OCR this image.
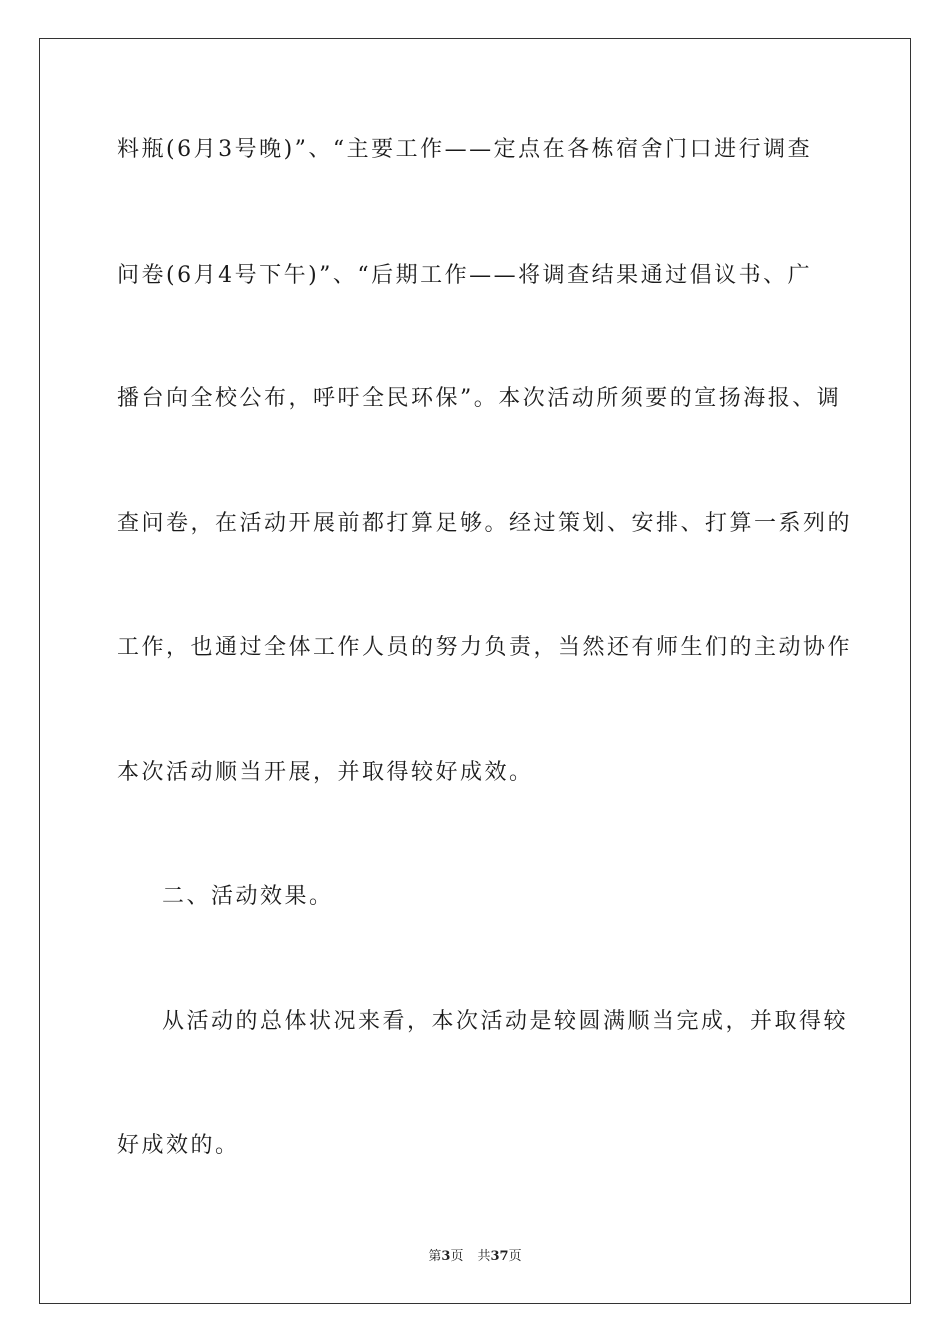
料瓶(6月3号晚)”、“主要工作——定点在各栋宿舍门口进行调查
问卷(6月4号下午)”、“后期工作——将调查结果通过倡议书、广
播台向全校公布，呼吁全民环保”。本次活动所须要的宣扬海报、调
查问卷，在活动开展前都打算足够。经过策划、安排、打算一系列的
工作，也通过全体工作人员的努力负责，当然还有师生们的主动协作
本次活动顺当开展，并取得较好成效。
二、活动效果。
从活动的总体状况来看，本次活动是较圆满顺当完成，并取得较
好成效的。
第3页 共37页
